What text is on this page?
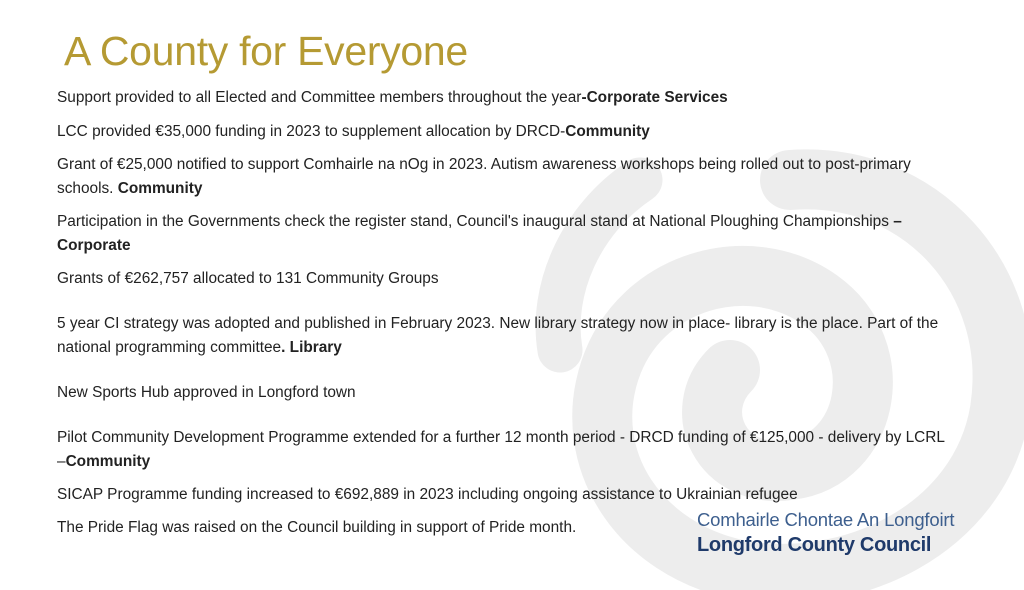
A County for Everyone
Support provided to all Elected and Committee members throughout the year-Corporate Services
LCC provided €35,000 funding in 2023 to supplement allocation by DRCD-Community
Grant of €25,000 notified to support Comhairle na nOg in 2023. Autism awareness workshops being rolled out to post-primary schools. Community
Participation in the Governments check the register stand, Council's inaugural stand at National Ploughing Championships –Corporate
Grants of €262,757 allocated to 131 Community Groups
5 year CI strategy was adopted and published in February 2023. New library strategy now in place- library is the place. Part of the national programming committee. Library
New Sports Hub approved in Longford town
Pilot Community Development Programme extended for a further 12 month period - DRCD funding of €125,000 - delivery by LCRL –Community
SICAP Programme funding increased to €692,889 in 2023 including ongoing assistance to Ukrainian refugee
The Pride Flag was raised on the Council building in support of Pride month.	Comhairle Chontae An Longfoirt
Longford County Council
